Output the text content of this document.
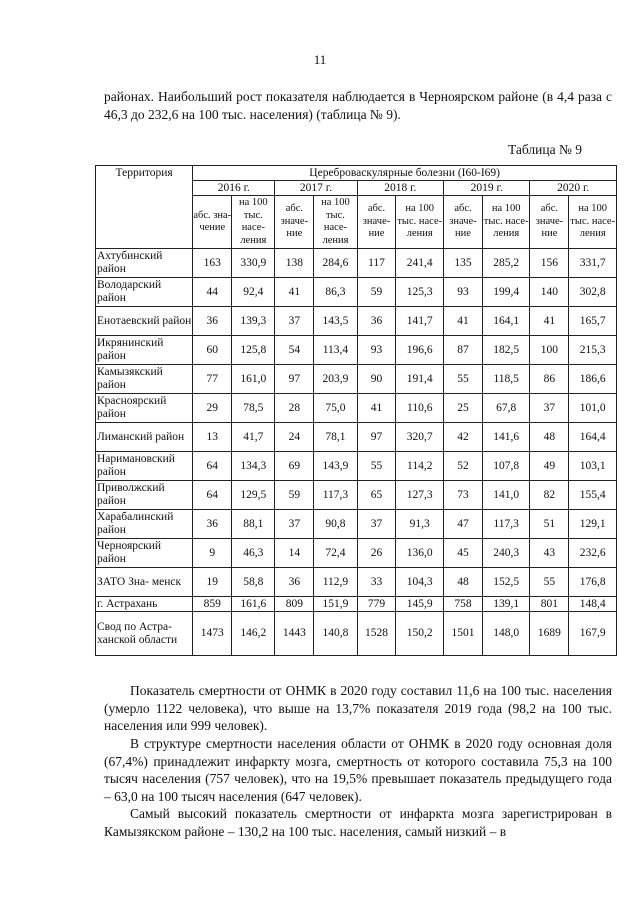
11

районах. Наибольший рост показателя наблюдается в Черноярском районе (в 4,4 раза с 46,3 до 232,6 на 100 тыс. населения) (таблица № 9).

Таблица № 9
Территория	Цереброваскулярные болезни (I60-I69)									
	2016 г.		2017 г.		2018 г.		2019 г.		2020 г.	
	абс. зна- чение	на 100 тыс. насе- ления	абс. значе- ние	на 100 тыс. насе- ления	абс. значе- ние	на 100 тыс. насе- ления	абс. значе- ние	на 100 тыс. насе- ления	абс. значе- ние	на 100 тыс. насе- ления
Ахтубинский район	163	330,9	138	284,6	117	241,4	135	285,2	156	331,7
Володарский район	44	92,4	41	86,3	59	125,3	93	199,4	140	302,8
Енотаевский район	36	139,3	37	143,5	36	141,7	41	164,1	41	165,7
Икрянинский район	60	125,8	54	113,4	93	196,6	87	182,5	100	215,3
Камызякский район	77	161,0	97	203,9	90	191,4	55	118,5	86	186,6
Красноярский район	29	78,5	28	75,0	41	110,6	25	67,8	37	101,0
Лиманский район	13	41,7	24	78,1	97	320,7	42	141,6	48	164,4
Наримановский район	64	134,3	69	143,9	55	114,2	52	107,8	49	103,1
Приволжский район	64	129,5	59	117,3	65	127,3	73	141,0	82	155,4
Харабалинский район	36	88,1	37	90,8	37	91,3	47	117,3	51	129,1
Черноярский район	9	46,3	14	72,4	26	136,0	45	240,3	43	232,6
ЗАТО Зна- менск	19	58,8	36	112,9	33	104,3	48	152,5	55	176,8
г. Астрахань	859	161,6	809	151,9	779	145,9	758	139,1	801	148,4
Свод по Астра- ханской области	1473	146,2	1443	140,8	1528	150,2	1501	148,0	1689	167,9

Показатель смертности от ОНМК в 2020 году составил 11,6 на 100 тыс. населения (умерло 1122 человека), что выше на 13,7% показателя 2019 года (98,2 на 100 тыс. населения или 999 человек).

В структуре смертности населения области от ОНМК в 2020 году основная доля (67,4%) принадлежит инфаркту мозга, смертность от которого составила 75,3 на 100 тысяч населения (757 человек), что на 19,5% превышает показатель предыдущего года – 63,0 на 100 тысяч населения (647 человек).

Самый высокий показатель смертности от инфаркта мозга зарегистрирован в Камызякском районе – 130,2 на 100 тыс. населения, самый низкий – в
